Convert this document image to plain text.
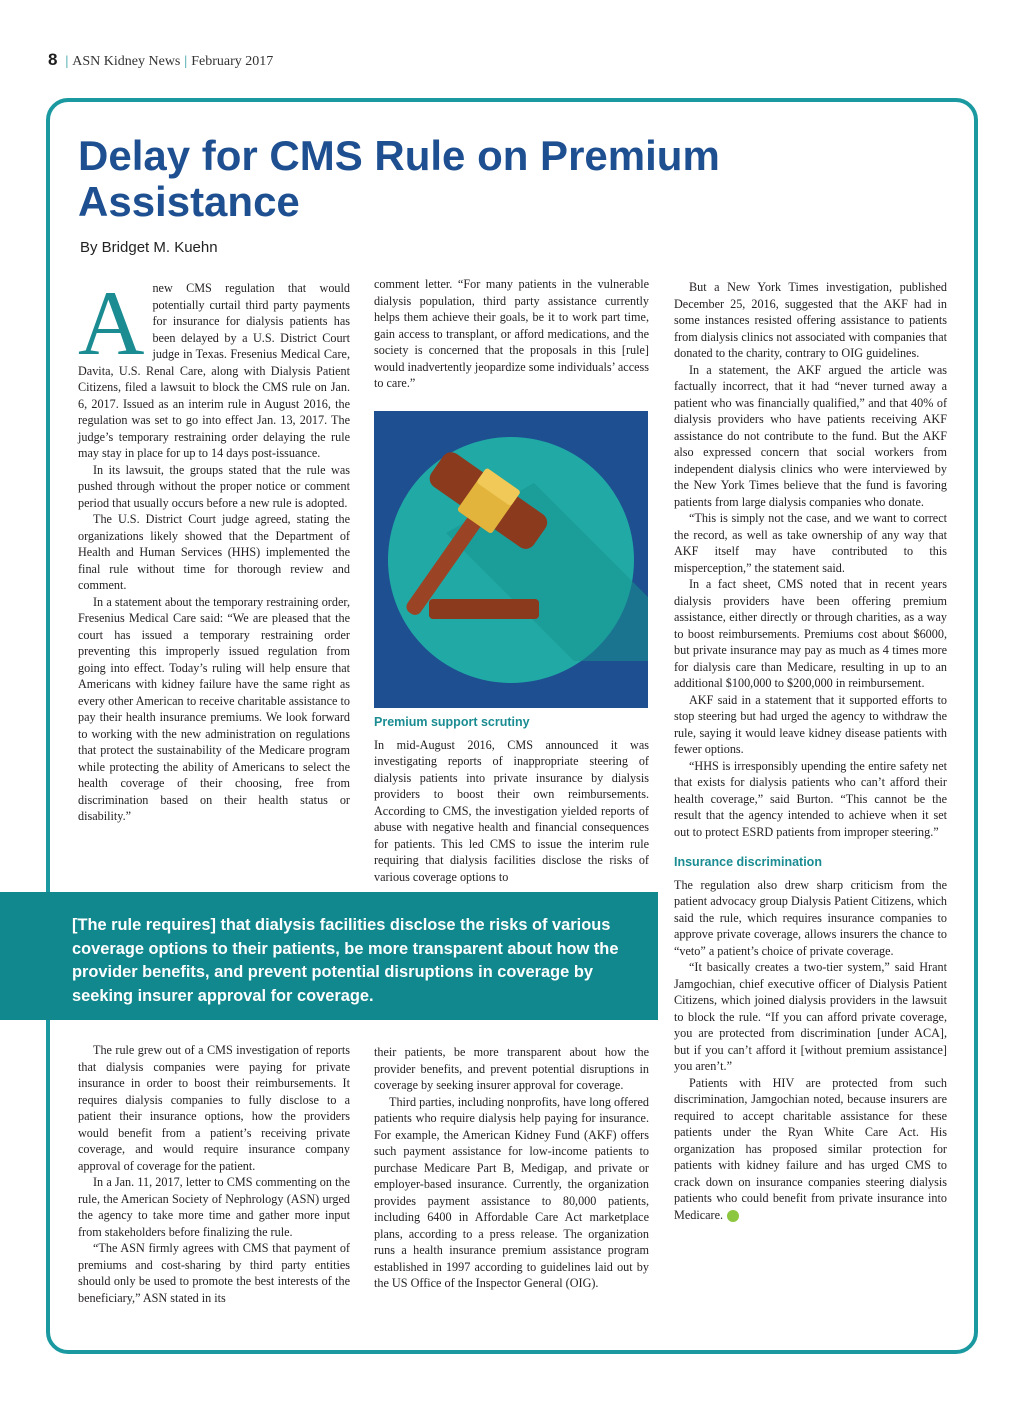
8 | ASN Kidney News | February 2017
Delay for CMS Rule on Premium Assistance
By Bridget M. Kuehn
A new CMS regulation that would potentially curtail third party payments for insurance for dialysis patients has been delayed by a U.S. District Court judge in Texas. Fresenius Medical Care, Davita, U.S. Renal Care, along with Dialysis Patient Citizens, filed a lawsuit to block the CMS rule on Jan. 6, 2017. Issued as an interim rule in August 2016, the regulation was set to go into effect Jan. 13, 2017. The judge’s temporary restraining order delaying the rule may stay in place for up to 14 days post-issuance.

In its lawsuit, the groups stated that the rule was pushed through without the proper notice or comment period that usually occurs before a new rule is adopted.

The U.S. District Court judge agreed, stating the organizations likely showed that the Department of Health and Human Services (HHS) implemented the final rule without time for thorough review and comment.

In a statement about the temporary restraining order, Fresenius Medical Care said: “We are pleased that the court has issued a temporary restraining order preventing this improperly issued regulation from going into effect. Today’s ruling will help ensure that Americans with kidney failure have the same right as every other American to receive charitable assistance to pay their health insurance premiums. We look forward to working with the new administration on regulations that protect the sustainability of the Medicare program while protecting the ability of Americans to select the health coverage of their choosing, free from discrimination based on their health status or disability.”

comment letter. “For many patients in the vulnerable dialysis population, third party assistance currently helps them achieve their goals, be it to work part time, gain access to transplant, or afford medications, and the society is concerned that the proposals in this [rule] would inadvertently jeopardize some individuals’ access to care.”

Premium support scrutiny

In mid-August 2016, CMS announced it was investigating reports of inappropriate steering of dialysis patients into private insurance by dialysis providers to boost their own reimbursements. According to CMS, the investigation yielded reports of abuse with negative health and financial consequences for patients. This led CMS to issue the interim rule requiring that dialysis facilities disclose the risks of various coverage options to

[The rule requires] that dialysis facilities disclose the risks of various coverage options to their patients, be more transparent about how the provider benefits, and prevent potential disruptions in coverage by seeking insurer approval for coverage.

The rule grew out of a CMS investigation of reports that dialysis companies were paying for private insurance in order to boost their reimbursements. It requires dialysis companies to fully disclose to a patient their insurance options, how the providers would benefit from a patient’s receiving private coverage, and would require insurance company approval of coverage for the patient.

In a Jan. 11, 2017, letter to CMS commenting on the rule, the American Society of Nephrology (ASN) urged the agency to take more time and gather more input from stakeholders before finalizing the rule.

“The ASN firmly agrees with CMS that payment of premiums and cost-sharing by third party entities should only be used to promote the best interests of the beneficiary,” ASN stated in its

their patients, be more transparent about how the provider benefits, and prevent potential disruptions in coverage by seeking insurer approval for coverage.

Third parties, including nonprofits, have long offered patients who require dialysis help paying for insurance. For example, the American Kidney Fund (AKF) offers such payment assistance for low-income patients to purchase Medicare Part B, Medigap, and private or employer-based insurance. Currently, the organization provides payment assistance to 80,000 patients, including 6400 in Affordable Care Act marketplace plans, according to a press release. The organization runs a health insurance premium assistance program established in 1997 according to guidelines laid out by the US Office of the Inspector General (OIG).

But a New York Times investigation, published December 25, 2016, suggested that the AKF had in some instances resisted offering assistance to patients from dialysis clinics not associated with companies that donated to the charity, contrary to OIG guidelines.

In a statement, the AKF argued the article was factually incorrect, that it had “never turned away a patient who was financially qualified,” and that 40% of dialysis providers who have patients receiving AKF assistance do not contribute to the fund. But the AKF also expressed concern that social workers from independent dialysis clinics who were interviewed by the New York Times believe that the fund is favoring patients from large dialysis companies who donate.

“This is simply not the case, and we want to correct the record, as well as take ownership of any way that AKF itself may have contributed to this misperception,” the statement said.

In a fact sheet, CMS noted that in recent years dialysis providers have been offering premium assistance, either directly or through charities, as a way to boost reimbursements. Premiums cost about $6000, but private insurance may pay as much as 4 times more for dialysis care than Medicare, resulting in up to an additional $100,000 to $200,000 in reimbursement.

AKF said in a statement that it supported efforts to stop steering but had urged the agency to withdraw the rule, saying it would leave kidney disease patients with fewer options.

“HHS is irresponsibly upending the entire safety net that exists for dialysis patients who can’t afford their health coverage,” said Burton. “This cannot be the result that the agency intended to achieve when it set out to protect ESRD patients from improper steering.”

Insurance discrimination

The regulation also drew sharp criticism from the patient advocacy group Dialysis Patient Citizens, which said the rule, which requires insurance companies to approve private coverage, allows insurers the chance to “veto” a patient’s choice of private coverage.

“It basically creates a two-tier system,” said Hrant Jamgochian, chief executive officer of Dialysis Patient Citizens, which joined dialysis providers in the lawsuit to block the rule. “If you can afford private coverage, you are protected from discrimination [under ACA], but if you can’t afford it [without premium assistance] you aren’t.”

Patients with HIV are protected from such discrimination, Jamgochian noted, because insurers are required to accept charitable assistance for these patients under the Ryan White Care Act. His organization has proposed similar protection for patients with kidney failure and has urged CMS to crack down on insurance companies steering dialysis patients who could benefit from private insurance into Medicare.
